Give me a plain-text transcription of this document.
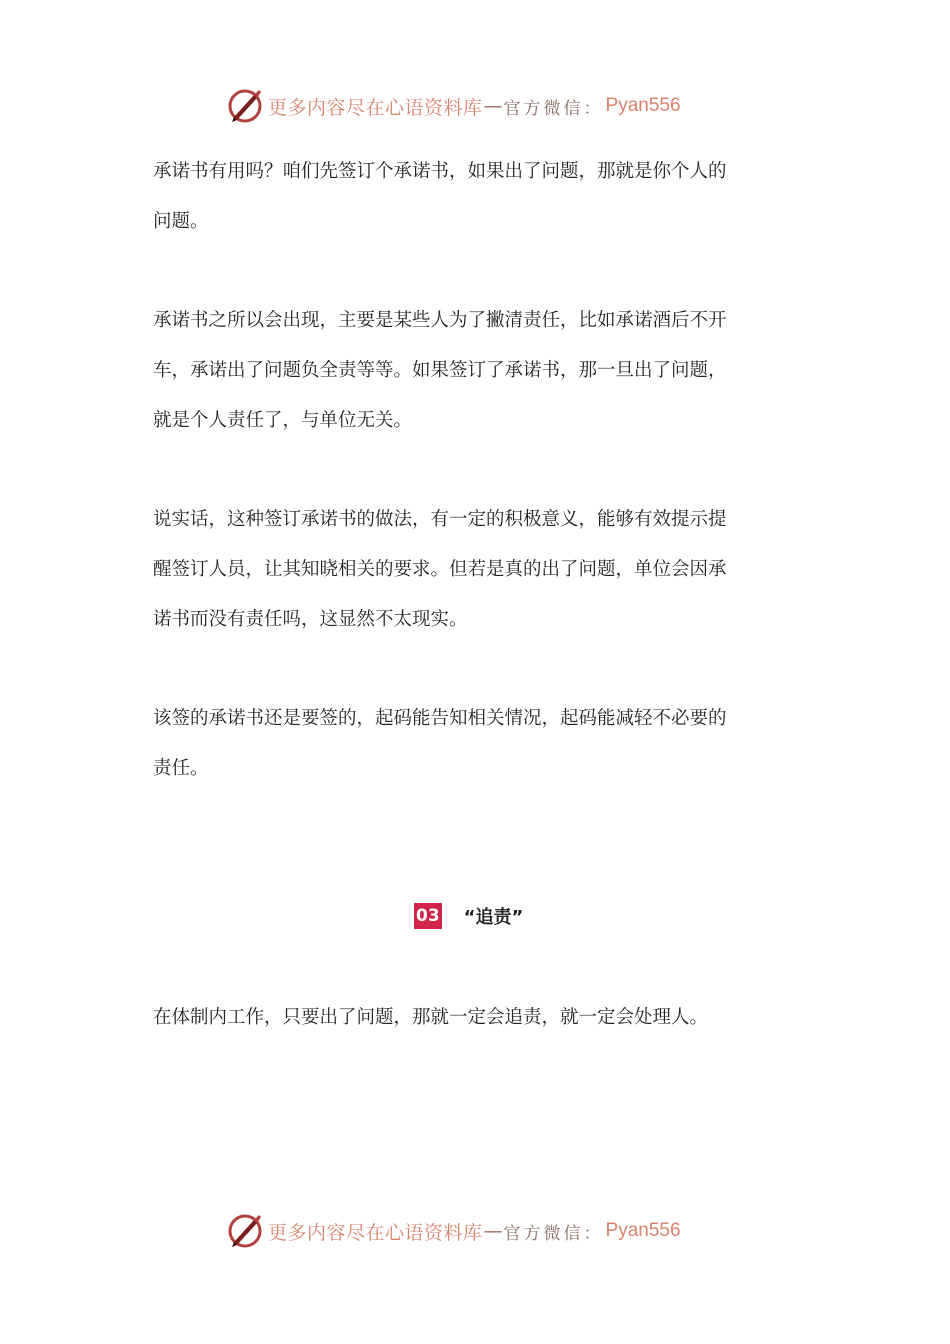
更多内容尽在心语资料库 — 官方微信： Pyan556

承诺书有用吗？咱们先签订个承诺书，如果出了问题，那就是你个人的
问题。

承诺书之所以会出现，主要是某些人为了撇清责任，比如承诺酒后不开
车，承诺出了问题负全责等等。如果签订了承诺书，那一旦出了问题，
就是个人责任了，与单位无关。

说实话，这种签订承诺书的做法，有一定的积极意义，能够有效提示提
醒签订人员，让其知晓相关的要求。但若是真的出了问题，单位会因承
诺书而没有责任吗，这显然不太现实。

该签的承诺书还是要签的，起码能告知相关情况，起码能减轻不必要的
责任。

03 “追责”

在体制内工作，只要出了问题，那就一定会追责，就一定会处理人。

更多内容尽在心语资料库 — 官方微信： Pyan556
